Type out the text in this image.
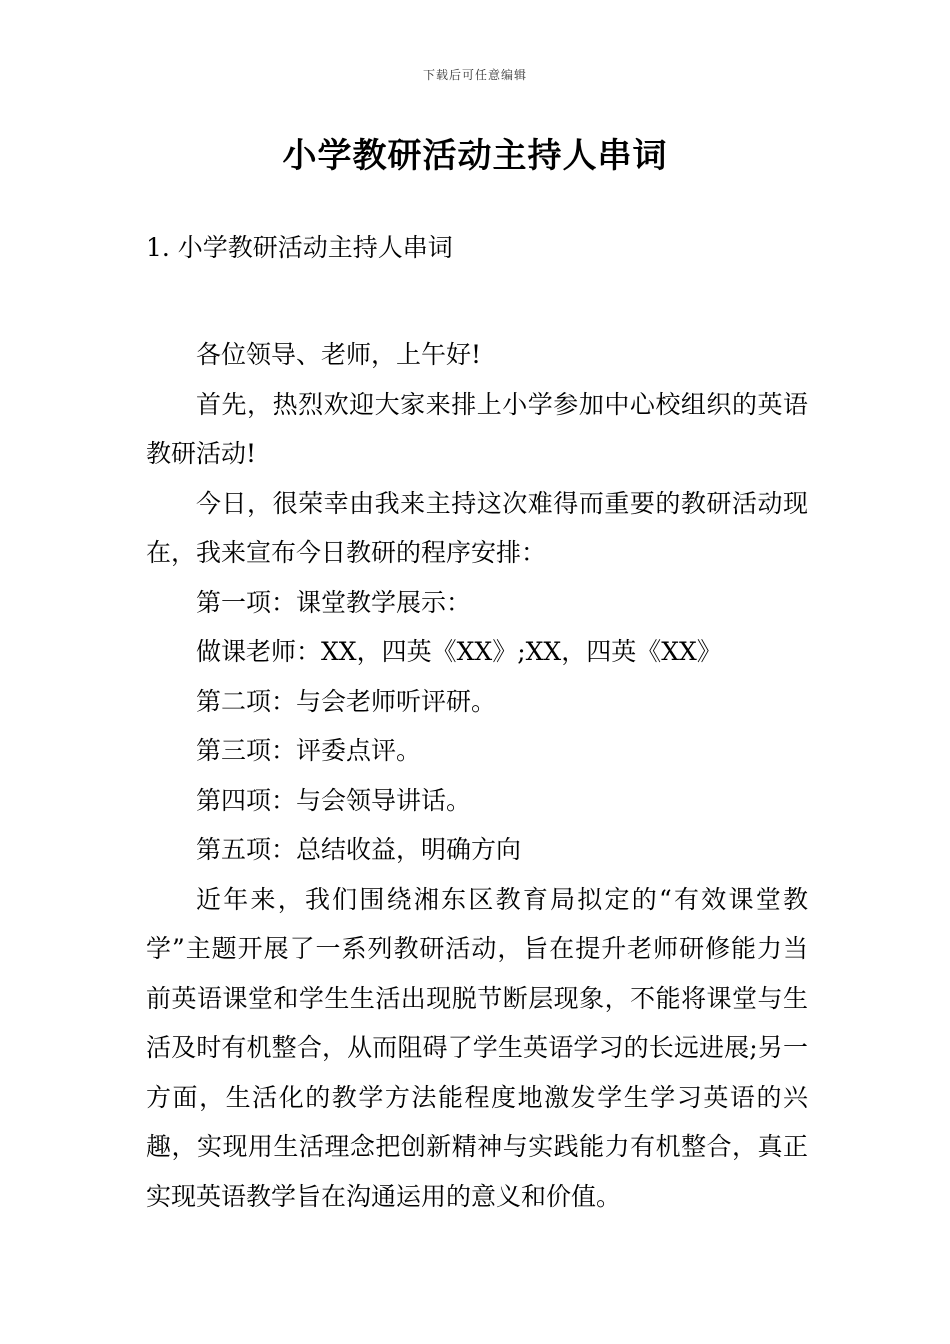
下载后可任意编辑
小学教研活动主持人串词
1. 小学教研活动主持人串词

各位领导、老师，上午好!

首先，热烈欢迎大家来排上小学参加中心校组织的英语教研活动!

今日，很荣幸由我来主持这次难得而重要的教研活动现在，我来宣布今日教研的程序安排：

第一项：课堂教学展示：

做课老师：XX，四英《XX》;XX，四英《XX》

第二项：与会老师听评研。

第三项：评委点评。

第四项：与会领导讲话。

第五项：总结收益，明确方向

近年来，我们围绕湘东区教育局拟定的“有效课堂教学”主题开展了一系列教研活动，旨在提升老师研修能力当前英语课堂和学生生活出现脱节断层现象，不能将课堂与生活及时有机整合，从而阻碍了学生英语学习的长远进展;另一方面，生活化的教学方法能程度地激发学生学习英语的兴趣，实现用生活理念把创新精神与实践能力有机整合，真正实现英语教学旨在沟通运用的意义和价值。
